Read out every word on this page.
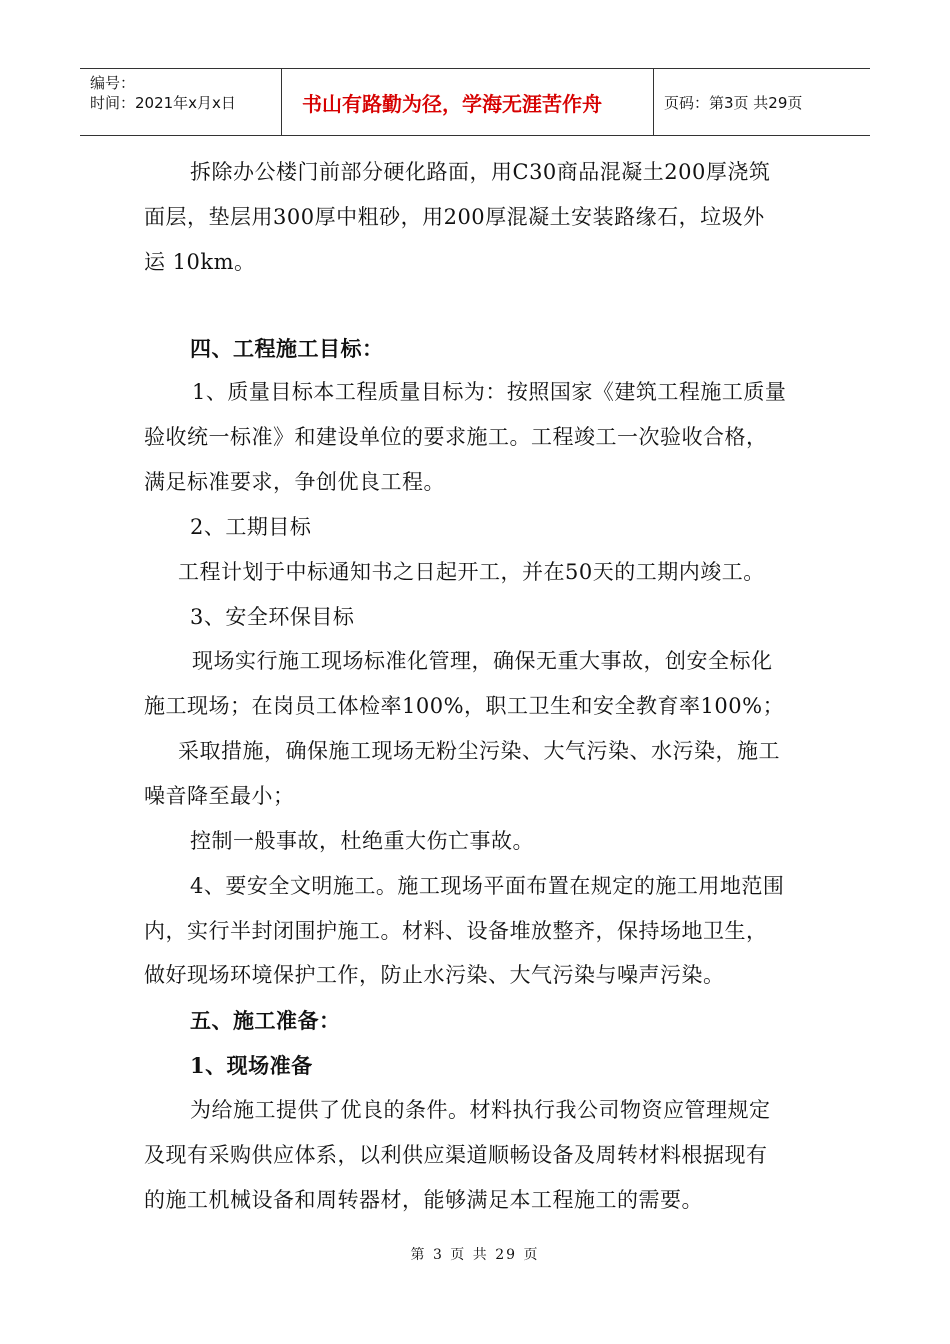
编号：
时间：2021年x月x日	书山有路勤为径，学海无涯苦作舟	页码：第3页 共29页
拆除办公楼门前部分硬化路面，用C30商品混凝土200厚浇筑
面层，垫层用300厚中粗砂，用200厚混凝土安装路缘石，垃圾外
运 10km。
四、工程施工目标：
1、质量目标本工程质量目标为：按照国家《建筑工程施工质量
验收统一标准》和建设单位的要求施工。工程竣工一次验收合格，
满足标准要求，争创优良工程。
2、工期目标
工程计划于中标通知书之日起开工，并在50天的工期内竣工。
3、安全环保目标
现场实行施工现场标准化管理，确保无重大事故，创安全标化
施工现场；在岗员工体检率100%，职工卫生和安全教育率100%；
采取措施，确保施工现场无粉尘污染、大气污染、水污染，施工
噪音降至最小；
控制一般事故，杜绝重大伤亡事故。
4、要安全文明施工。施工现场平面布置在规定的施工用地范围
内，实行半封闭围护施工。材料、设备堆放整齐，保持场地卫生，
做好现场环境保护工作，防止水污染、大气污染与噪声污染。
五、施工准备：
1、现场准备
为给施工提供了优良的条件。材料执行我公司物资应管理规定
及现有采购供应体系，以利供应渠道顺畅设备及周转材料根据现有
的施工机械设备和周转器材，能够满足本工程施工的需要。
第 3 页 共 29 页
